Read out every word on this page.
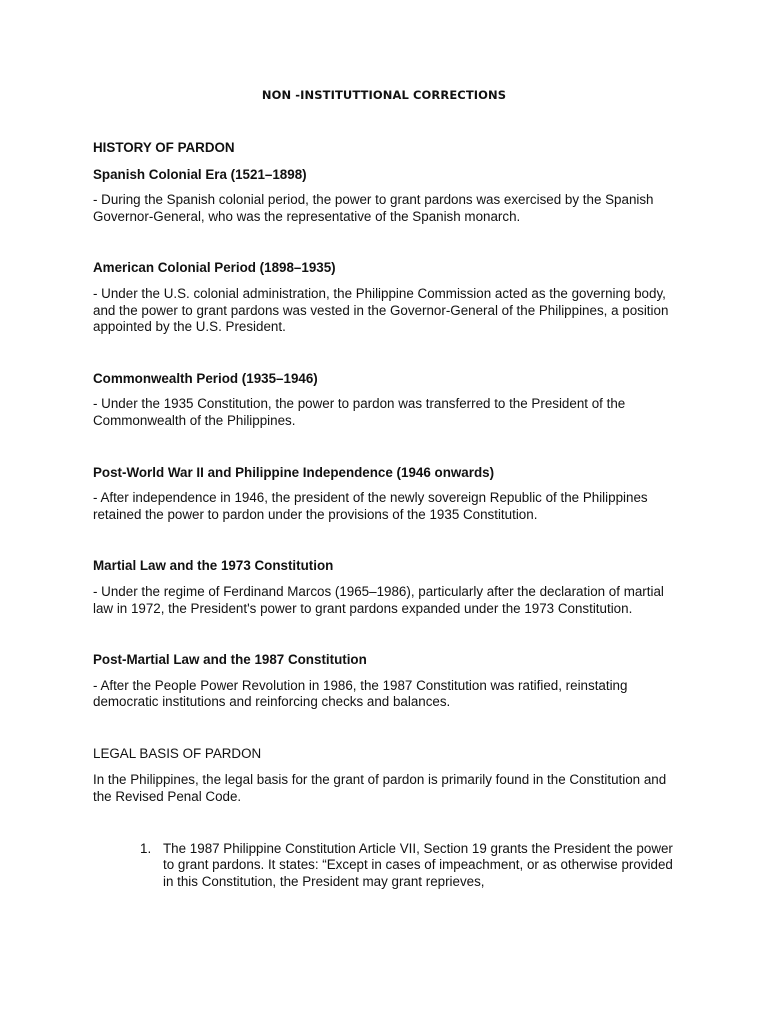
NON -INSTITUTTIONAL CORRECTIONS
HISTORY OF PARDON
Spanish Colonial Era (1521–1898)

- During the Spanish colonial period, the power to grant pardons was exercised by the Spanish Governor-General, who was the representative of the Spanish monarch.

American Colonial Period (1898–1935)

- Under the U.S. colonial administration, the Philippine Commission acted as the governing body, and the power to grant pardons was vested in the Governor-General of the Philippines, a position appointed by the U.S. President.

Commonwealth Period (1935–1946)

- Under the 1935 Constitution, the power to pardon was transferred to the President of the Commonwealth of the Philippines.

Post-World War II and Philippine Independence (1946 onwards)

- After independence in 1946, the president of the newly sovereign Republic of the Philippines retained the power to pardon under the provisions of the 1935 Constitution.

Martial Law and the 1973 Constitution

- Under the regime of Ferdinand Marcos (1965–1986), particularly after the declaration of martial law in 1972, the President's power to grant pardons expanded under the 1973 Constitution.

Post-Martial Law and the 1987 Constitution

- After the People Power Revolution in 1986, the 1987 Constitution was ratified, reinstating democratic institutions and reinforcing checks and balances.

LEGAL BASIS OF PARDON

In the Philippines, the legal basis for the grant of pardon is primarily found in the Constitution and the Revised Penal Code.

1. The 1987 Philippine Constitution Article VII, Section 19 grants the President the power to grant pardons. It states: “Except in cases of impeachment, or as otherwise provided in this Constitution, the President may grant reprieves,
